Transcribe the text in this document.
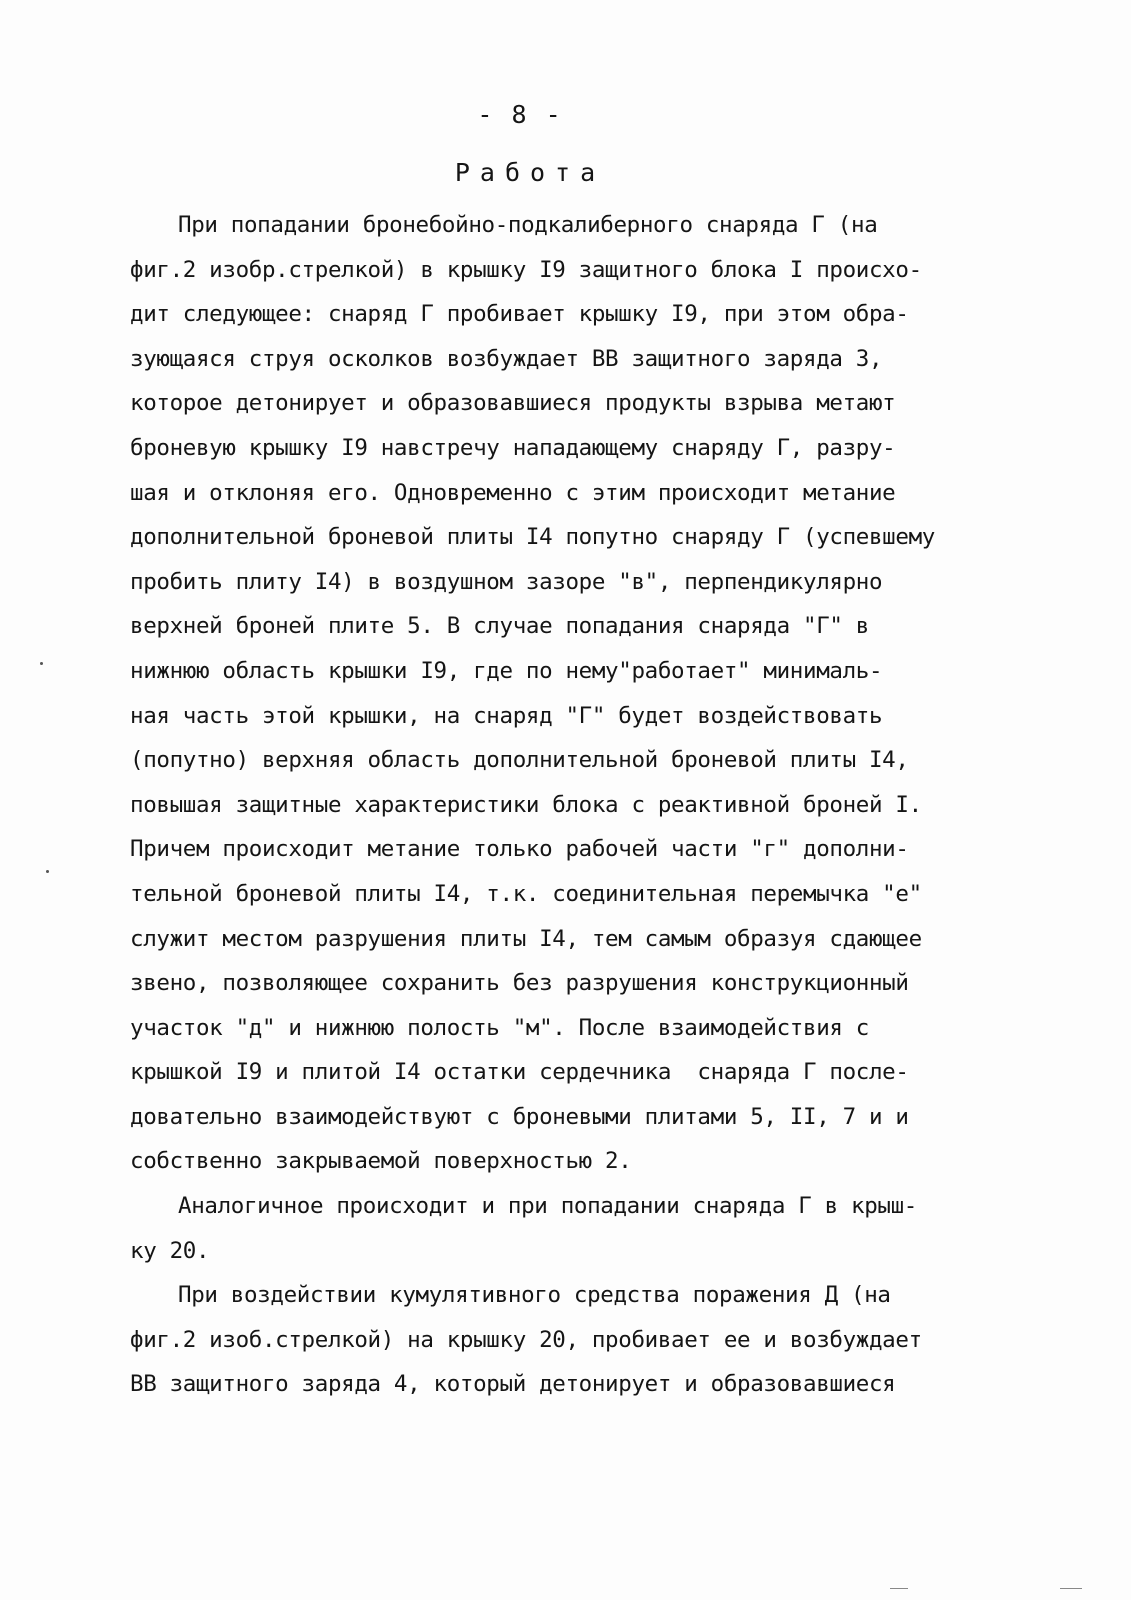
- 8 -
Работа
При попадании бронебойно-подкалиберного снаряда Г (на
фиг.2 изобр.стрелкой) в крышку I9 защитного блока I происхо-
дит следующее: снаряд Г пробивает крышку I9, при этом обра-
зующаяся струя осколков возбуждает ВВ защитного заряда 3,
которое детонирует и образовавшиеся продукты взрыва метают
броневую крышку I9 навстречу нападающему снаряду Г, разру-
шая и отклоняя его. Одновременно с этим происходит метание
дополнительной броневой плиты I4 попутно снаряду Г (успевшему
пробить плиту I4) в воздушном зазоре "в", перпендикулярно
верхней броней плите 5. В случае попадания снаряда "Г" в
нижнюю область крышки I9, где по нему"работает" минималь-
ная часть этой крышки, на снаряд "Г" будет воздействовать
(попутно) верхняя область дополнительной броневой плиты I4,
повышая защитные характеристики блока с реактивной броней I.
Причем происходит метание только рабочей части "г" дополни-
тельной броневой плиты I4, т.к. соединительная перемычка "е"
служит местом разрушения плиты I4, тем самым образуя сдающее
звено, позволяющее сохранить без разрушения конструкционный
участок "д" и нижнюю полость "м". После взаимодействия с
крышкой I9 и плитой I4 остатки сердечника  снаряда Г после-
довательно взаимодействуют с броневыми плитами 5, II, 7 и и
собственно закрываемой поверхностью 2.
Аналогичное происходит и при попадании снаряда Г в крыш-
ку 20.
При воздействии кумулятивного средства поражения Д (на
фиг.2 изоб.стрелкой) на крышку 20, пробивает ее и возбуждает
ВВ защитного заряда 4, который детонирует и образовавшиеся
